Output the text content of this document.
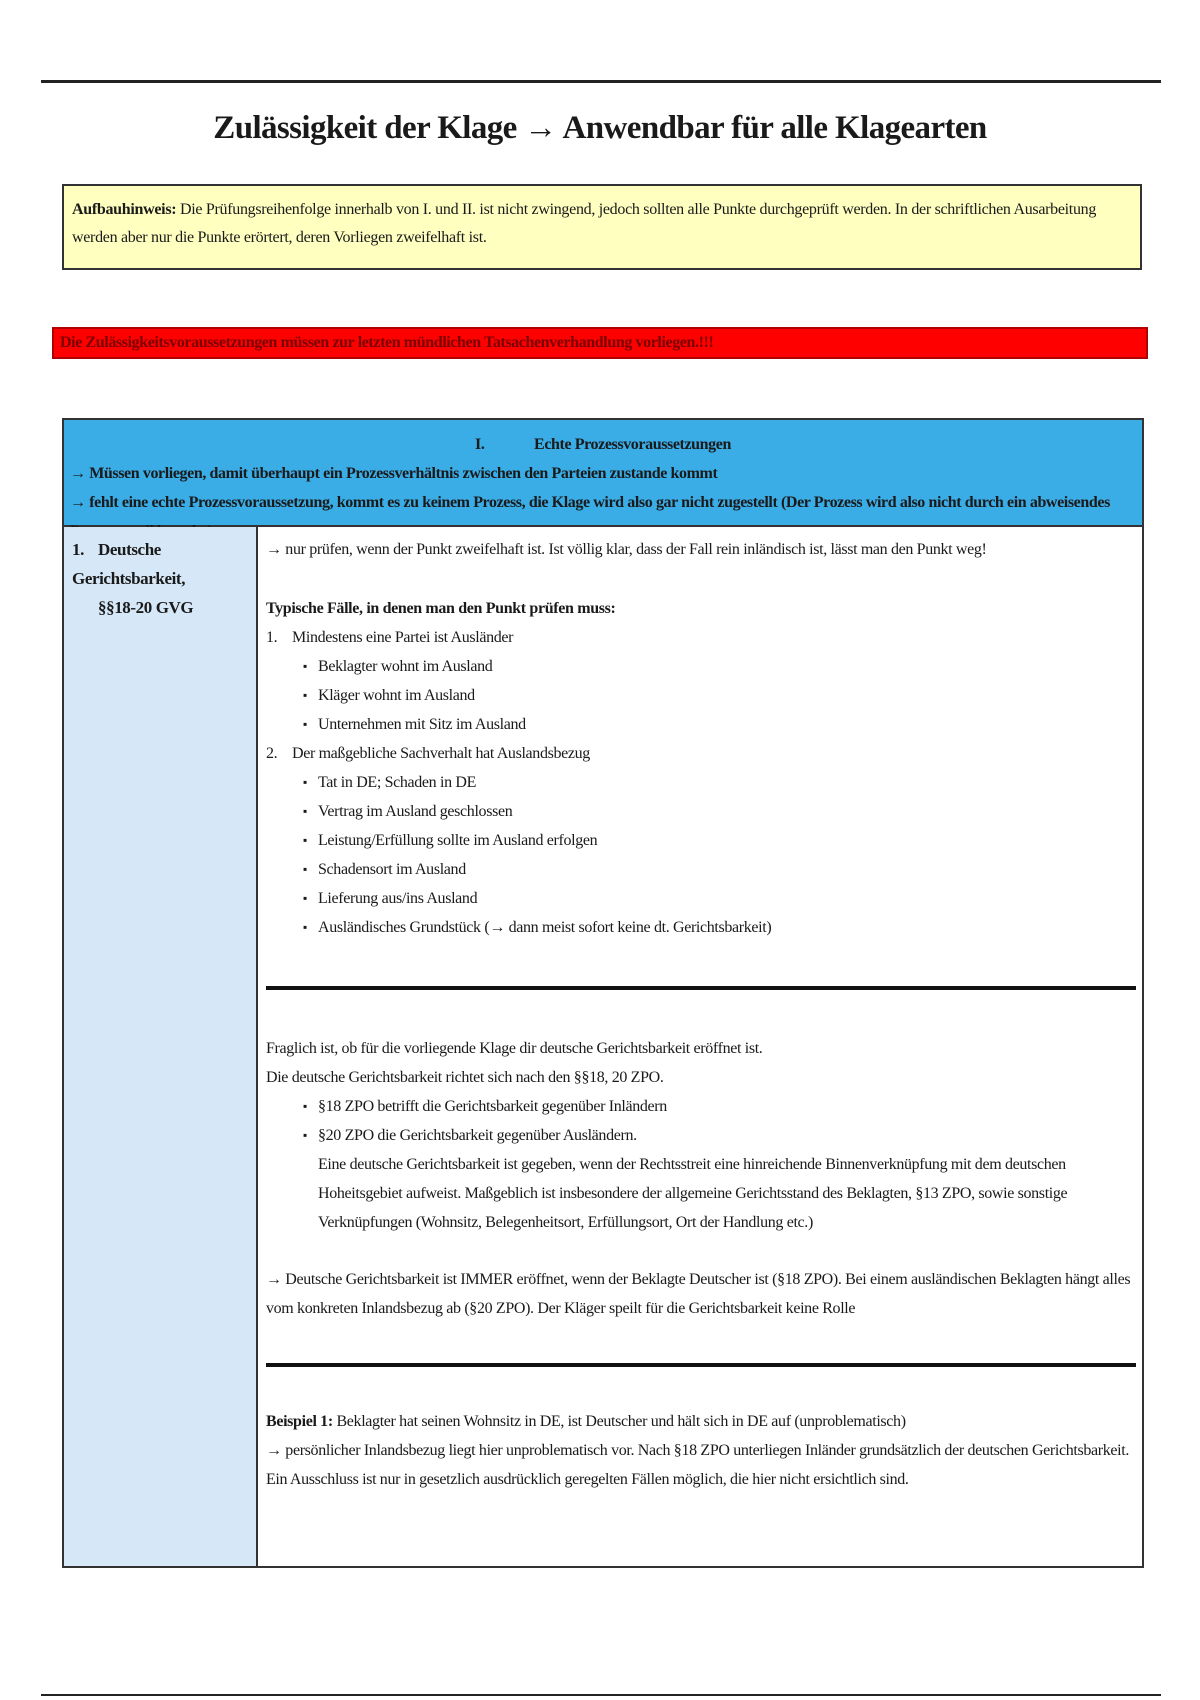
Zulässigkeit der Klage → Anwendbar für alle Klagearten
Aufbauhinweis: Die Prüfungsreihenfolge innerhalb von I. und II. ist nicht zwingend, jedoch sollten alle Punkte durchgeprüft werden. In der schriftlichen Ausarbeitung werden aber nur die Punkte erörtert, deren Vorliegen zweifelhaft ist.
Die Zulässigkeitsvoraussetzungen müssen zur letzten mündlichen Tatsachenverhandlung vorliegen.!!!
I.	Echte Prozessvoraussetzungen
→ Müssen vorliegen, damit überhaupt ein Prozessverhältnis zwischen den Parteien zustande kommt
→ fehlt eine echte Prozessvoraussetzung, kommt es zu keinem Prozess, die Klage wird also gar nicht zugestellt (Der Prozess wird also nicht durch ein abweisendes
1. Deutsche Gerichtsbarkeit,
§§18-20 GVG
→ nur prüfen, wenn der Punkt zweifelhaft ist. Ist völlig klar, dass der Fall rein inländisch ist, lässt man den Punkt weg!
Typische Fälle, in denen man den Punkt prüfen muss:
1. Mindestens eine Partei ist Ausländer
▪ Beklagter wohnt im Ausland
▪ Kläger wohnt im Ausland
▪ Unternehmen mit Sitz im Ausland
2. Der maßgebliche Sachverhalt hat Auslandsbezug
▪ Tat in DE; Schaden in DE
▪ Vertrag im Ausland geschlossen
▪ Leistung/Erfüllung sollte im Ausland erfolgen
▪ Schadensort im Ausland
▪ Lieferung aus/ins Ausland
▪ Ausländisches Grundstück (→ dann meist sofort keine dt. Gerichtsbarkeit)
Fraglich ist, ob für die vorliegende Klage dir deutsche Gerichtsbarkeit eröffnet ist.
Die deutsche Gerichtsbarkeit richtet sich nach den §§18, 20 ZPO.
▪ §18 ZPO betrifft die Gerichtsbarkeit gegenüber Inländern
▪ §20 ZPO die Gerichtsbarkeit gegenüber Ausländern.
Eine deutsche Gerichtsbarkeit ist gegeben, wenn der Rechtsstreit eine hinreichende Binnenverknüpfung mit dem deutschen Hoheitsgebiet aufweist. Maßgeblich ist insbesondere der allgemeine Gerichtsstand des Beklagten, §13 ZPO, sowie sonstige Verknüpfungen (Wohnsitz, Belegenheitsort, Erfüllungsort, Ort der Handlung etc.)
→ Deutsche Gerichtsbarkeit ist IMMER eröffnet, wenn der Beklagte Deutscher ist (§18 ZPO). Bei einem ausländischen Beklagten hängt alles vom konkreten Inlandsbezug ab (§20 ZPO). Der Kläger speilt für die Gerichtsbarkeit keine Rolle
Beispiel 1: Beklagter hat seinen Wohnsitz in DE, ist Deutscher und hält sich in DE auf (unproblematisch)
→ persönlicher Inlandsbezug liegt hier unproblematisch vor. Nach §18 ZPO unterliegen Inländer grundsätzlich der deutschen Gerichtsbarkeit. Ein Ausschluss ist nur in gesetzlich ausdrücklich geregelten Fällen möglich, die hier nicht ersichtlich sind.
